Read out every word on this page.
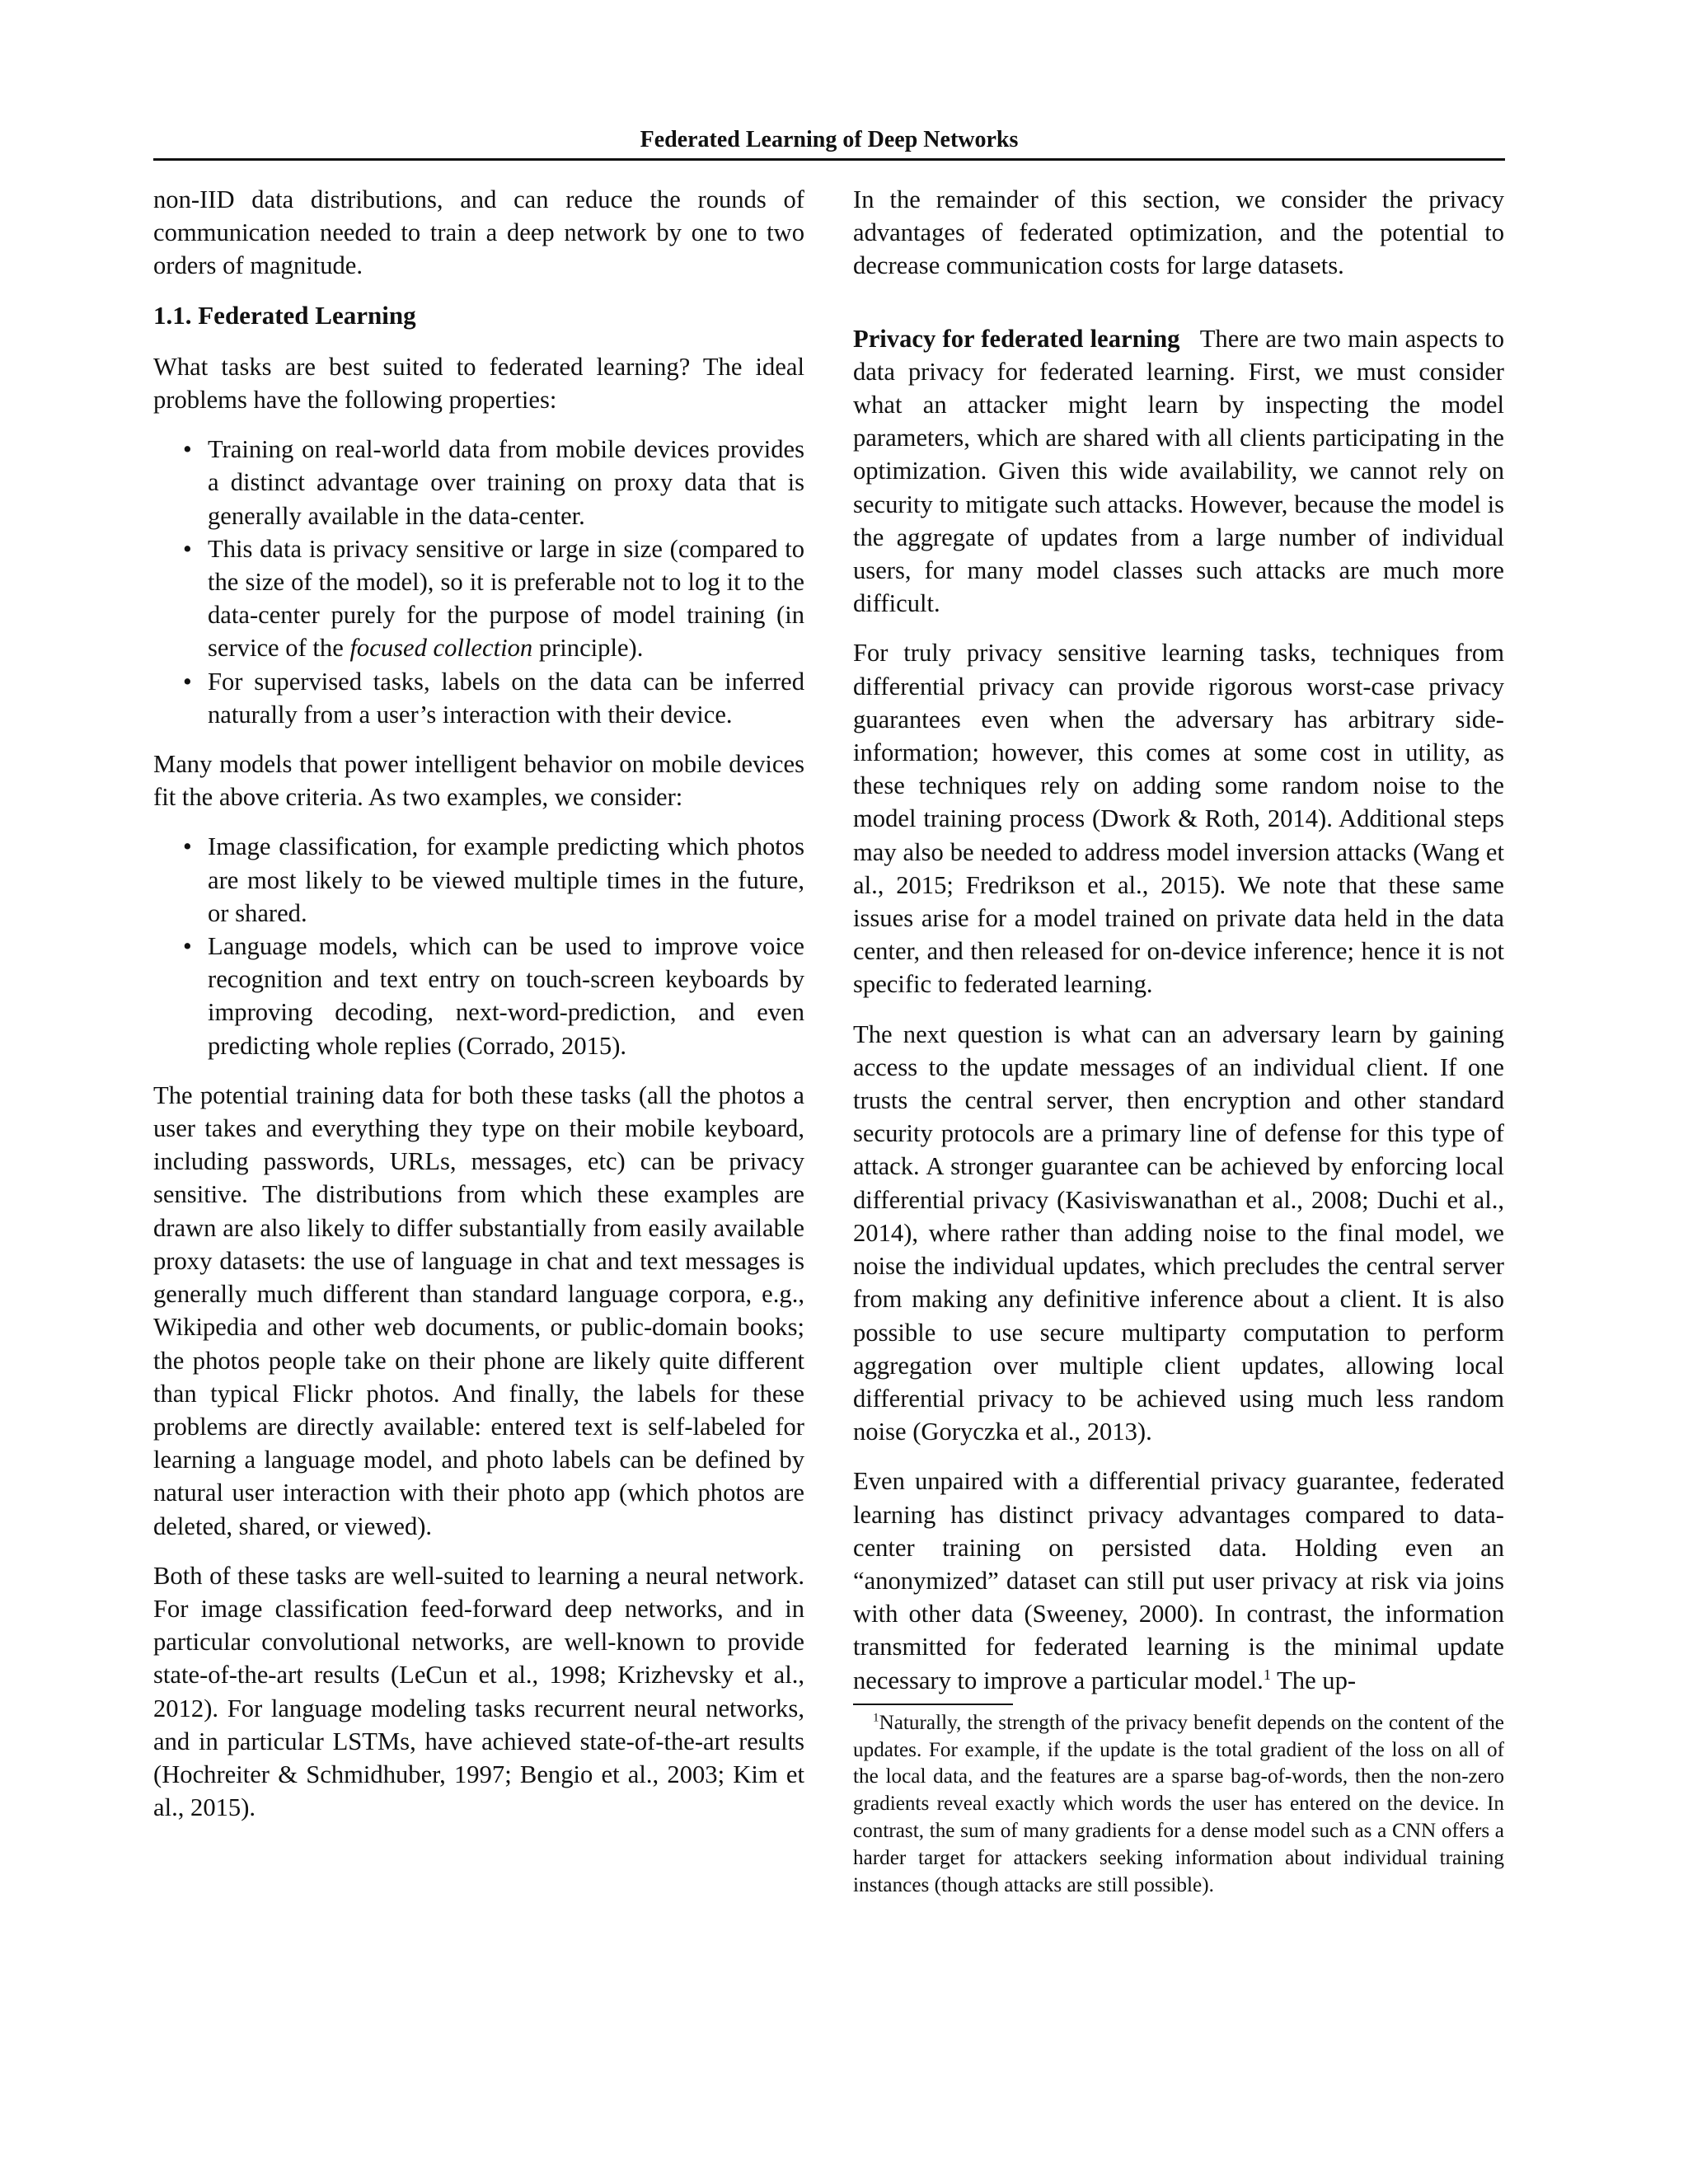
Federated Learning of Deep Networks

non-IID data distributions, and can reduce the rounds of communication needed to train a deep network by one to two orders of magnitude.

1.1. Federated Learning

What tasks are best suited to federated learning? The ideal problems have the following properties:

• Training on real-world data from mobile devices provides a distinct advantage over training on proxy data that is generally available in the data-center.
• This data is privacy sensitive or large in size (compared to the size of the model), so it is preferable not to log it to the data-center purely for the purpose of model training (in service of the focused collection principle).
• For supervised tasks, labels on the data can be inferred naturally from a user’s interaction with their device.

Many models that power intelligent behavior on mobile devices fit the above criteria. As two examples, we consider:

• Image classification, for example predicting which photos are most likely to be viewed multiple times in the future, or shared.
• Language models, which can be used to improve voice recognition and text entry on touch-screen keyboards by improving decoding, next-word-prediction, and even predicting whole replies (Corrado, 2015).

The potential training data for both these tasks (all the photos a user takes and everything they type on their mobile keyboard, including passwords, URLs, messages, etc) can be privacy sensitive. The distributions from which these examples are drawn are also likely to differ substantially from easily available proxy datasets: the use of language in chat and text messages is generally much different than standard language corpora, e.g., Wikipedia and other web documents, or public-domain books; the photos people take on their phone are likely quite different than typical Flickr photos. And finally, the labels for these problems are directly available: entered text is self-labeled for learning a language model, and photo labels can be defined by natural user interaction with their photo app (which photos are deleted, shared, or viewed).

Both of these tasks are well-suited to learning a neural network. For image classification feed-forward deep networks, and in particular convolutional networks, are well-known to provide state-of-the-art results (LeCun et al., 1998; Krizhevsky et al., 2012). For language modeling tasks recurrent neural networks, and in particular LSTMs, have achieved state-of-the-art results (Hochreiter & Schmidhuber, 1997; Bengio et al., 2003; Kim et al., 2015).

In the remainder of this section, we consider the privacy advantages of federated optimization, and the potential to decrease communication costs for large datasets.

Privacy for federated learning There are two main aspects to data privacy for federated learning. First, we must consider what an attacker might learn by inspecting the model parameters, which are shared with all clients participating in the optimization. Given this wide availability, we cannot rely on security to mitigate such attacks. However, because the model is the aggregate of updates from a large number of individual users, for many model classes such attacks are much more difficult.

For truly privacy sensitive learning tasks, techniques from differential privacy can provide rigorous worst-case privacy guarantees even when the adversary has arbitrary side-information; however, this comes at some cost in utility, as these techniques rely on adding some random noise to the model training process (Dwork & Roth, 2014). Additional steps may also be needed to address model inversion attacks (Wang et al., 2015; Fredrikson et al., 2015). We note that these same issues arise for a model trained on private data held in the data center, and then released for on-device inference; hence it is not specific to federated learning.

The next question is what can an adversary learn by gaining access to the update messages of an individual client. If one trusts the central server, then encryption and other standard security protocols are a primary line of defense for this type of attack. A stronger guarantee can be achieved by enforcing local differential privacy (Kasiviswanathan et al., 2008; Duchi et al., 2014), where rather than adding noise to the final model, we noise the individual updates, which precludes the central server from making any definitive inference about a client. It is also possible to use secure multiparty computation to perform aggregation over multiple client updates, allowing local differential privacy to be achieved using much less random noise (Goryczka et al., 2013).

Even unpaired with a differential privacy guarantee, federated learning has distinct privacy advantages compared to data-center training on persisted data. Holding even an “anonymized” dataset can still put user privacy at risk via joins with other data (Sweeney, 2000). In contrast, the information transmitted for federated learning is the minimal update necessary to improve a particular model.$^1$ The up-

$^1$Naturally, the strength of the privacy benefit depends on the content of the updates. For example, if the update is the total gradient of the loss on all of the local data, and the features are a sparse bag-of-words, then the non-zero gradients reveal exactly which words the user has entered on the device. In contrast, the sum of many gradients for a dense model such as a CNN offers a harder target for attackers seeking information about individual training instances (though attacks are still possible).
